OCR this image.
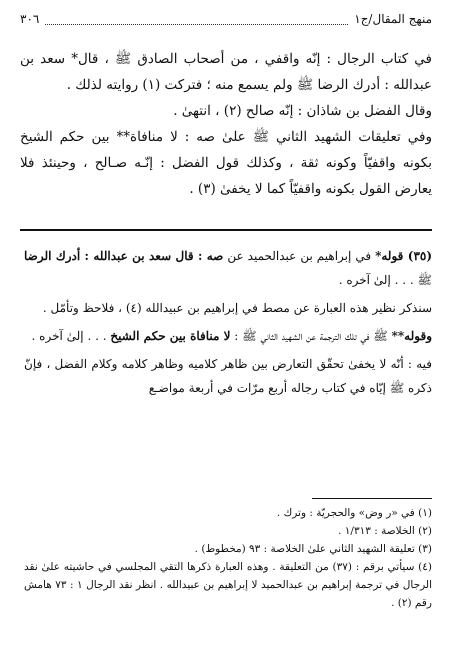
منهج المقال/ج١
٣٠٦

في كتاب الرجال : إنّه واقفي ، من أصحاب الصادق ﷺ ، قال* سعد بن عبدالله : أدرك الرضا ﷺ ولم يسمع منه ؛ فتركت (١) روايته لذلك .

وقال الفضل بن شاذان : إنّه صالح (٢) ، انتهىٰ .

وفي تعليقات الشهيد الثاني ﷺ علىٰ صه : لا منافاة** بين حكم الشيخ بكونه واقفيّاً وكونه ثقة ، وكذلك قول الفضل : إنّـه صـالح ، وحينئذ فلا يعارض القول بكونه واقفيّاً كما لا يخفىٰ (٣) .

(٣٥) قوله* في إبراهيم بن عبدالحميد عن صه : قال سعد بن عبدالله : أدرك الرضا ﷺ . . . إلىٰ آخره .

سنذكر نظير هذه العبارة عن مصط في إبراهيم بن عبيدالله (٤) ، فلاحظ وتأمّل .

وقوله** ﷺ في تلك الترجمة عن الشهيد الثاني ﷺ : لا منافاة بين حكم الشيخ . . . إلىٰ آخره .

فيه : أنّه لا يخفىٰ تحقّق التعارض بين ظاهر كلاميه وظاهر كلامه وكلام الفضل ، فإنّ ذكره ﷺ إيّاه في كتاب رجاله أربع مرّات في أربعة مواضـع

(١) في «ر وض» والحجريّة : وترك .

(٢) الخلاصة : ١/٣١٣ .

(٣) تعليقة الشهيد الثاني علىٰ الخلاصة : ٩٣ (مخطوط) .

(٤) سيأتي برقم : (٣٧) من التعليقة . وهذه العبارة ذكرها التقي المجلسي في حاشيته علىٰ نقد الرجال في ترجمة إبراهيم بن عبدالحميد لا إبراهيم بن عبيدالله . انظر نقد الرجال ١ : ٧٣ هامش رقم (٢) .
